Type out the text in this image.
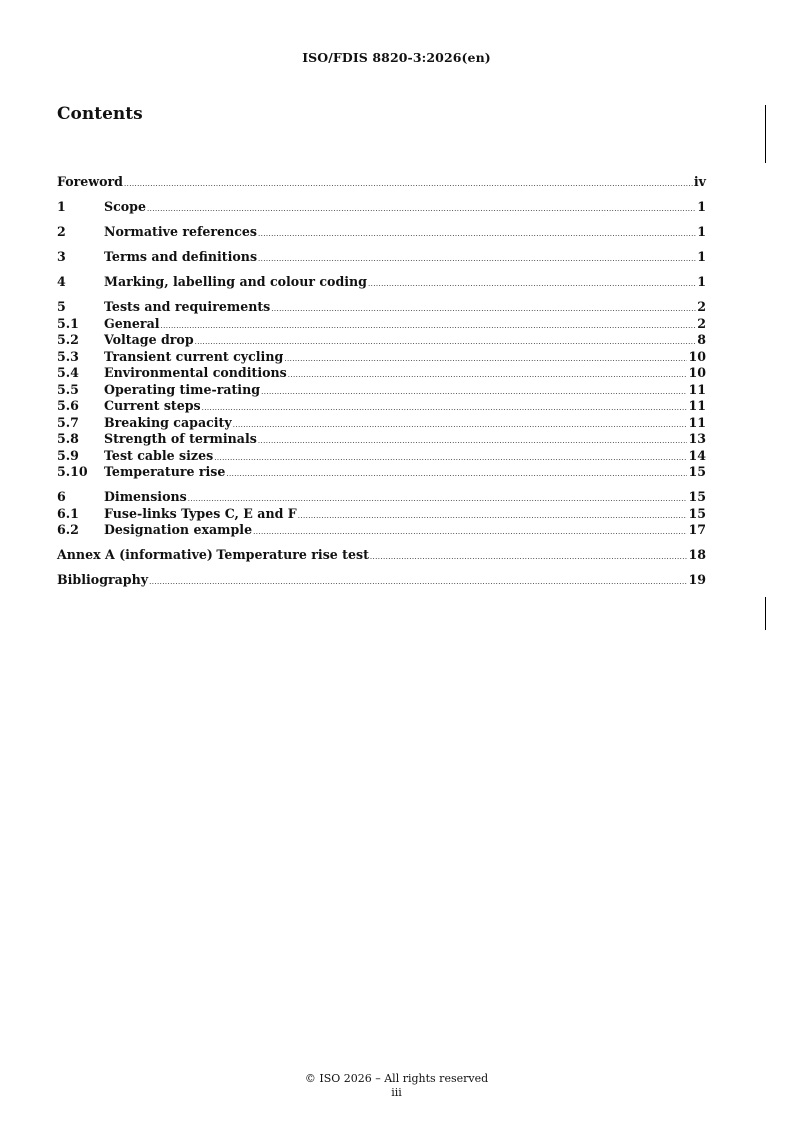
ISO/FDIS 8820-3:2026(en)
Contents
Foreword .....	iv
1	Scope .....	1
2	Normative references .....	1
3	Terms and definitions .....	1
4	Marking, labelling and colour coding .....	1
5	Tests and requirements .....	2
5.1	General .....	2
5.2	Voltage drop .....	8
5.3	Transient current cycling .....	10
5.4	Environmental conditions .....	10
5.5	Operating time-rating .....	11
5.6	Current steps .....	11
5.7	Breaking capacity .....	11
5.8	Strength of terminals .....	13
5.9	Test cable sizes .....	14
5.10	Temperature rise .....	15
6	Dimensions .....	15
6.1	Fuse-links Types C, E and F .....	15
6.2	Designation example .....	17
Annex A (informative) Temperature rise test .....	18
Bibliography .....	19
© ISO 2026 – All rights reserved
iii
